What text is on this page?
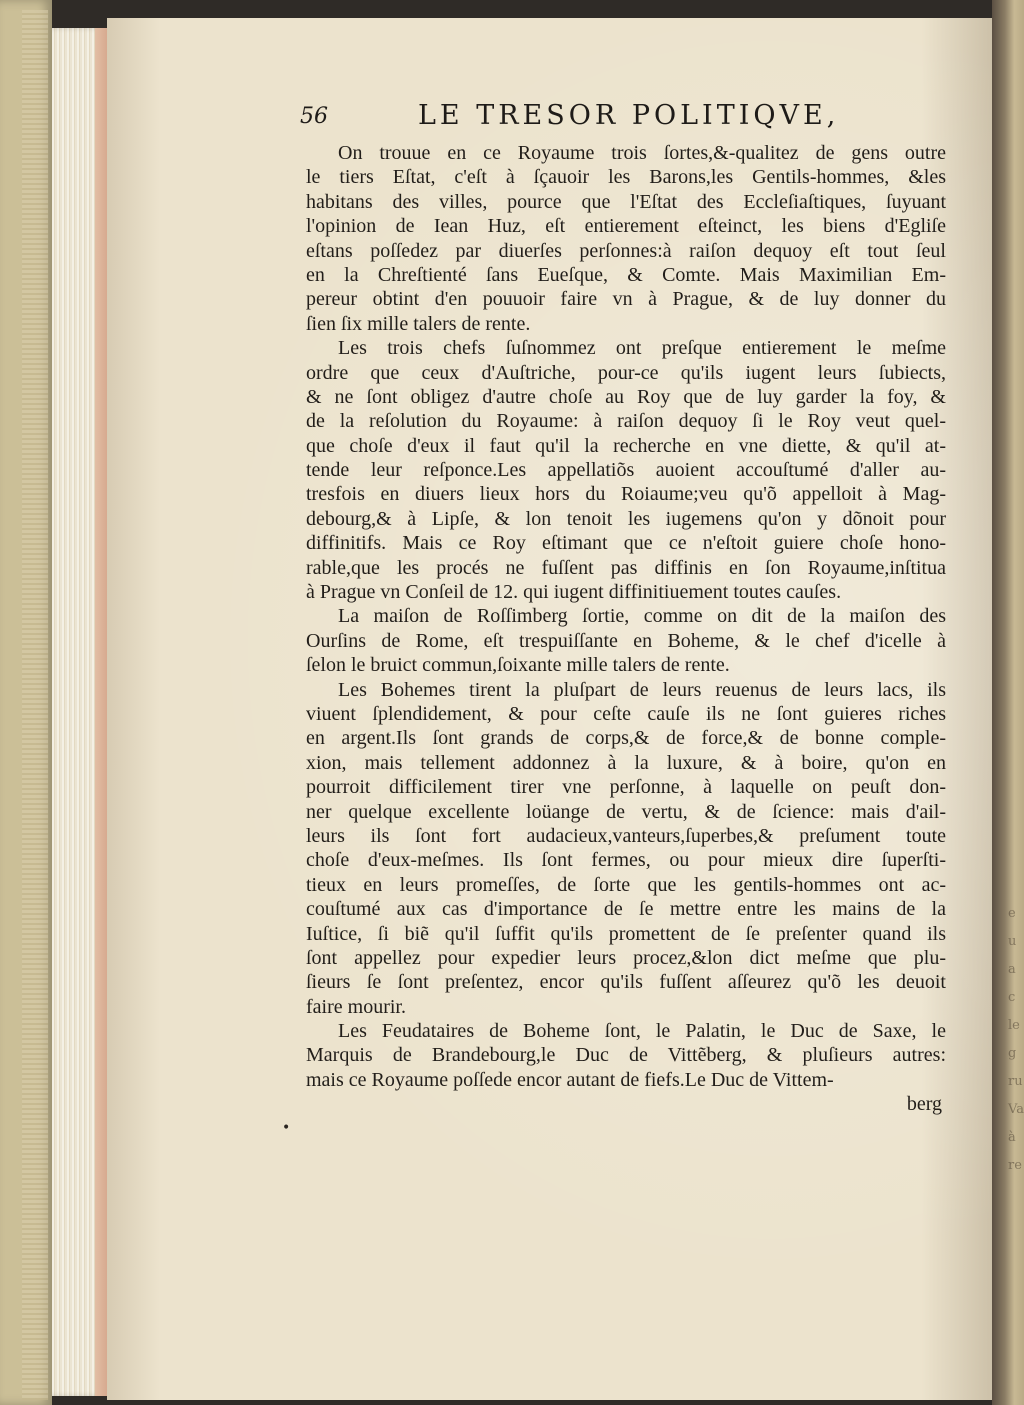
e
u
a
c
le
g
ru
Va
à
re
56	LE TRESOR POLITIQVE,
•
On trouue en ce Royaume trois ſortes,&-qualitez de gens outre
le tiers Eſtat, c'eſt à ſçauoir les Barons,les Gentils-hommes, &les
habitans des villes, pource que l'Eſtat des Eccleſiaſtiques, ſuyuant
l'opinion de Iean Huz, eſt entierement eſteinct, les biens d'Egliſe
eſtans poſſedez par diuerſes perſonnes:à raiſon dequoy eſt tout ſeul
en la Chreſtienté ſans Eueſque, & Comte. Mais Maximilian Em-
pereur obtint d'en pouuoir faire vn à Prague, & de luy donner du
ſien ſix mille talers de rente.
Les trois chefs ſuſnommez ont preſque entierement le meſme
ordre que ceux d'Auſtriche, pour-ce qu'ils iugent leurs ſubiects,
& ne ſont obligez d'autre choſe au Roy que de luy garder la foy, &
de la reſolution du Royaume: à raiſon dequoy ſi le Roy veut quel-
que choſe d'eux il faut qu'il la recherche en vne diette, & qu'il at-
tende leur reſponce.Les appellatiõs auoient accouſtumé d'aller au-
tresfois en diuers lieux hors du Roiaume;veu qu'õ appelloit à Mag-
debourg,& à Lipſe, & lon tenoit les iugemens qu'on y dõnoit pour
diffinitifs. Mais ce Roy eſtimant que ce n'eſtoit guiere choſe hono-
rable,que les procés ne fuſſent pas diffinis en ſon Royaume,inſtitua
à Prague vn Conſeil de 12. qui iugent diffinitiuement toutes cauſes.
La maiſon de Roſſimberg ſortie, comme on dit de la maiſon des
Ourſins de Rome, eſt trespuiſſante en Boheme, & le chef d'icelle à
ſelon le bruict commun,ſoixante mille talers de rente.
Les Bohemes tirent la pluſpart de leurs reuenus de leurs lacs, ils
viuent ſplendidement, & pour ceſte cauſe ils ne ſont guieres riches
en argent.Ils ſont grands de corps,& de force,& de bonne comple-
xion, mais tellement addonnez à la luxure, & à boire, qu'on en
pourroit difficilement tirer vne perſonne, à laquelle on peuſt don-
ner quelque excellente loüange de vertu, & de ſcience: mais d'ail-
leurs ils ſont fort audacieux,vanteurs,ſuperbes,& preſument toute
choſe d'eux-meſmes. Ils ſont fermes, ou pour mieux dire ſuperſti-
tieux en leurs promeſſes, de ſorte que les gentils-hommes ont ac-
couſtumé aux cas d'importance de ſe mettre entre les mains de la
Iuſtice, ſi biẽ qu'il ſuffit qu'ils promettent de ſe preſenter quand ils
ſont appellez pour expedier leurs procez,&lon dict meſme que plu-
ſieurs ſe ſont preſentez, encor qu'ils fuſſent aſſeurez qu'õ les deuoit
faire mourir.
Les Feudataires de Boheme ſont, le Palatin, le Duc de Saxe, le
Marquis de Brandebourg,le Duc de Vittẽberg, & pluſieurs autres:
mais ce Royaume poſſede encor autant de fiefs.Le Duc de Vittem-
berg
